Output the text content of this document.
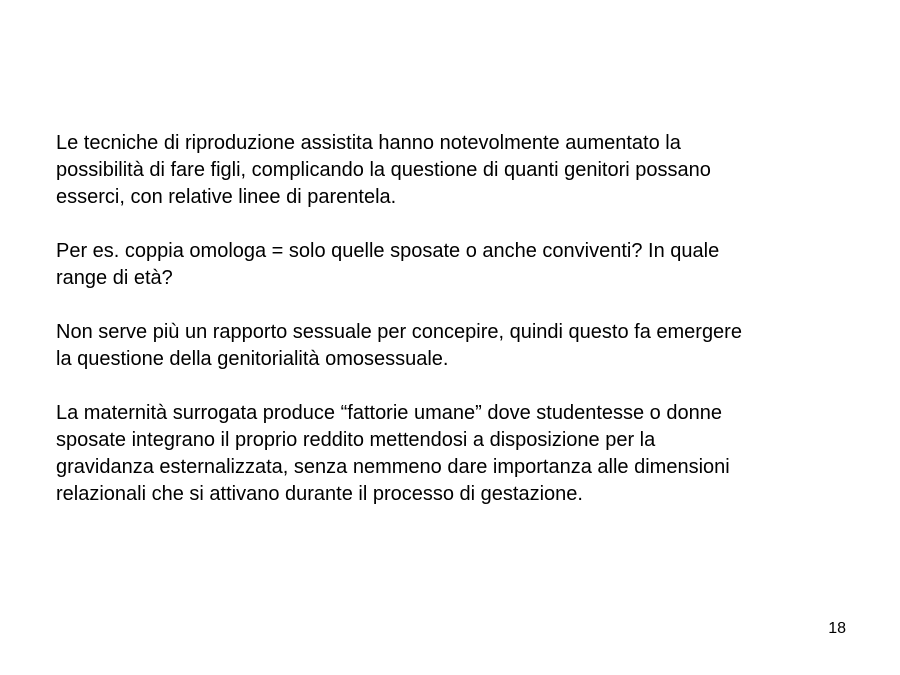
Le tecniche di riproduzione assistita hanno notevolmente aumentato la
possibilità di fare figli, complicando la questione di quanti genitori possano
esserci, con relative linee di parentela.

Per es. coppia omologa = solo quelle sposate o anche conviventi? In quale
range di età?

Non serve più un rapporto sessuale per concepire, quindi questo fa emergere
la questione della genitorialità omosessuale.

La maternità surrogata produce “fattorie umane” dove studentesse o donne
sposate integrano il proprio reddito mettendosi a disposizione per la
gravidanza esternalizzata, senza nemmeno dare importanza alle dimensioni
relazionali che si attivano durante il processo di gestazione.

18
